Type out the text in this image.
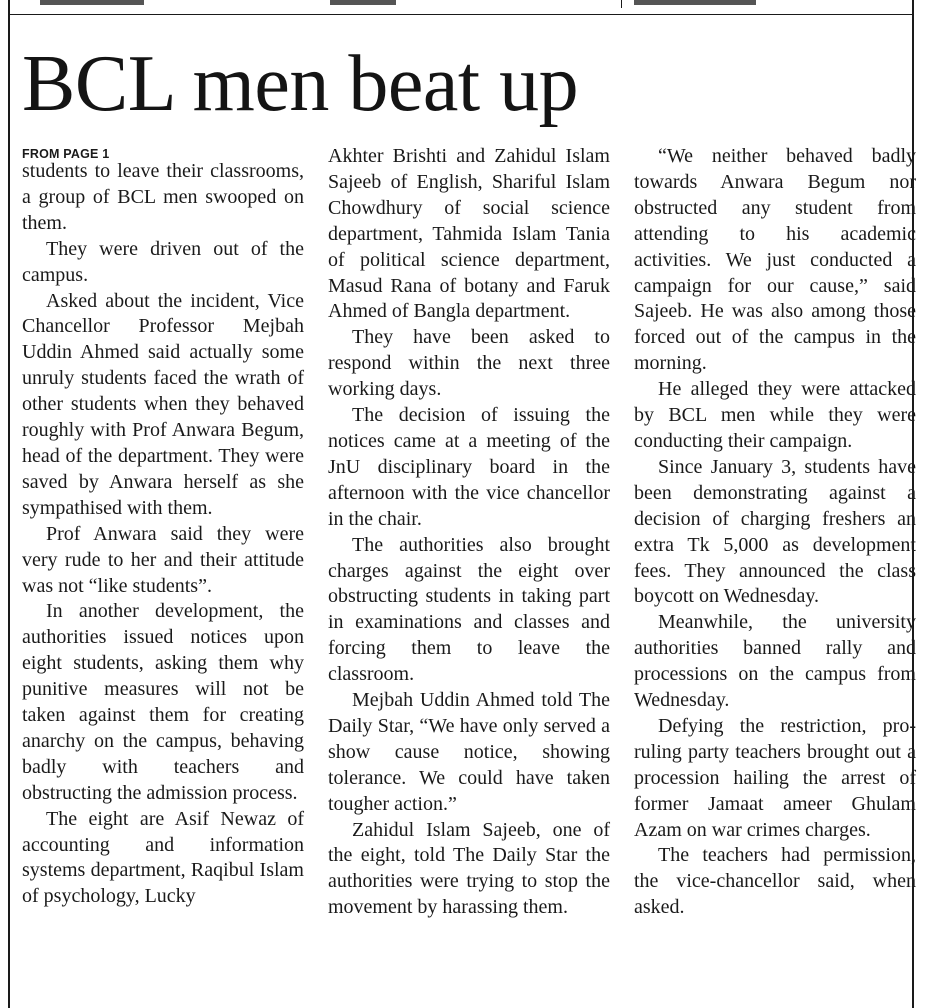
BCL men beat up
FROM PAGE 1

students to leave their classrooms, a group of BCL men swooped on them.

They were driven out of the campus.

Asked about the incident, Vice Chancellor Professor Mejbah Uddin Ahmed said actually some unruly students faced the wrath of other students when they behaved roughly with Prof Anwara Begum, head of the department. They were saved by Anwara herself as she sympathised with them.

Prof Anwara said they were very rude to her and their attitude was not “like students”.

In another development, the authorities issued notices upon eight students, asking them why punitive measures will not be taken against them for creating anarchy on the campus, behaving badly with teachers and obstructing the admission process.

The eight are Asif Newaz of accounting and information systems department, Raqibul Islam of psychology, Lucky

Akhter Brishti and Zahidul Islam Sajeeb of English, Shariful Islam Chowdhury of social science department, Tahmida Islam Tania of political science department, Masud Rana of botany and Faruk Ahmed of Bangla department.

They have been asked to respond within the next three working days.

The decision of issuing the notices came at a meeting of the JnU disciplinary board in the afternoon with the vice chancellor in the chair.

The authorities also brought charges against the eight over obstructing students in taking part in examinations and classes and forcing them to leave the classroom.

Mejbah Uddin Ahmed told The Daily Star, “We have only served a show cause notice, showing tolerance. We could have taken tougher action.”

Zahidul Islam Sajeeb, one of the eight, told The Daily Star the authorities were trying to stop the movement by harassing them.

“We neither behaved badly towards Anwara Begum nor obstructed any student from attending to his academic activities. We just conducted a campaign for our cause,” said Sajeeb. He was also among those forced out of the campus in the morning.

He alleged they were attacked by BCL men while they were conducting their campaign.

Since January 3, students have been demonstrating against a decision of charging freshers an extra Tk 5,000 as development fees. They announced the class boycott on Wednesday.

Meanwhile, the university authorities banned rally and processions on the campus from Wednesday.

Defying the restriction, pro-ruling party teachers brought out a procession hailing the arrest of former Jamaat ameer Ghulam Azam on war crimes charges.

The teachers had permission, the vice-chancellor said, when asked.
